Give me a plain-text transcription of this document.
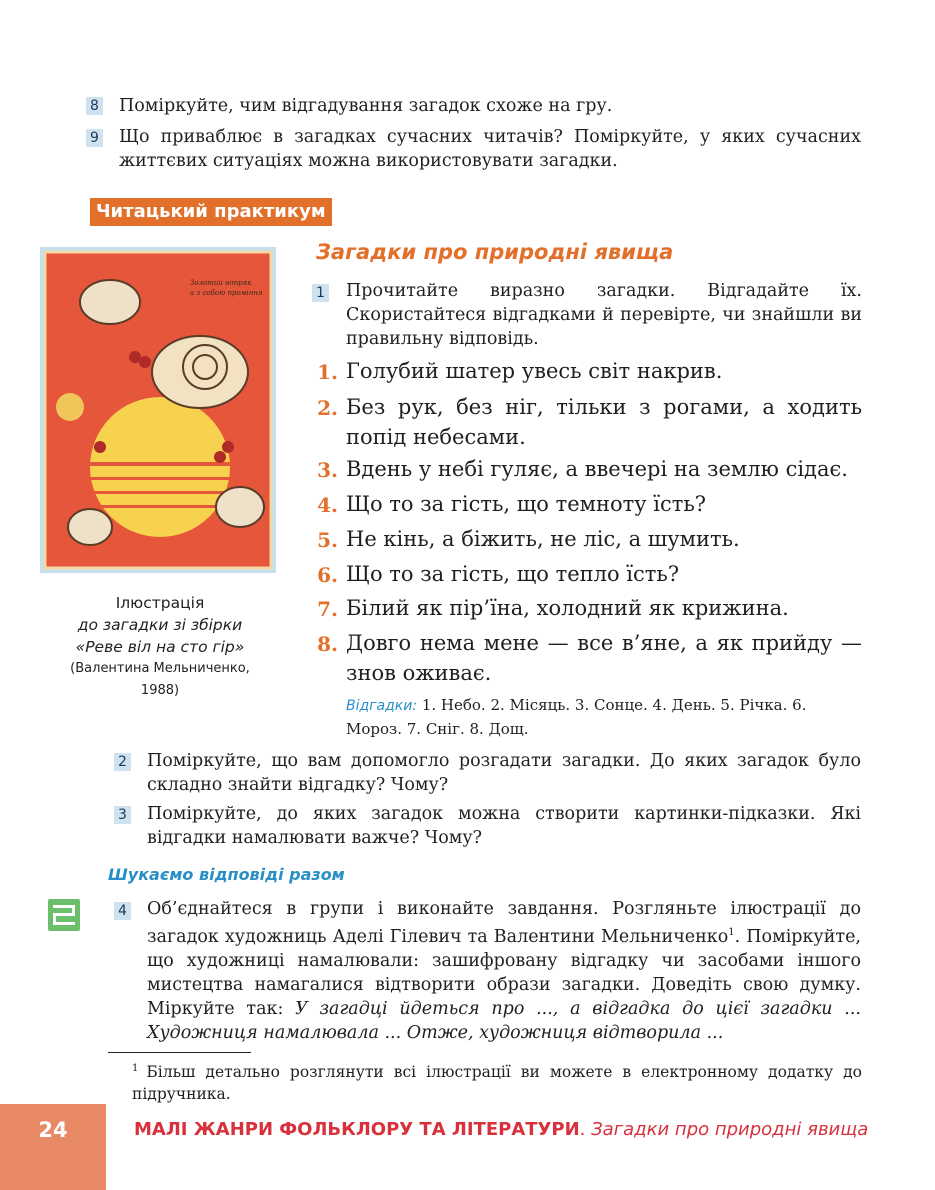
8 Поміркуйте, чим відгадування загадок схоже на гру.
9 Що приваблює в загадках сучасних читачів? Поміркуйте, у яких сучасних життєвих ситуаціях можна використовувати загадки.
Читацький практикум
Золотий вітряк
а з собою проміння
Ілюстрація
до загадки зі збірки
«Реве віл на сто гір»
(Валентина Мельниченко,
1988)
Загадки про природні явища
1 Прочитайте виразно загадки. Відгадайте їх. Скористайтеся відгадками й перевірте, чи знайшли ви правильну відповідь.
1. Голубий шатер увесь світ накрив.
2. Без рук, без ніг, тільки з рогами, а ходить попід небесами.
3. Вдень у небі гуляє, а ввечері на землю сідає.
4. Що то за гість, що темноту їсть?
5. Не кінь, а біжить, не ліс, а шумить.
6. Що то за гість, що тепло їсть?
7. Білий як пір’їна, холодний як крижина.
8. Довго нема мене — все в’яне, а як прийду — знов оживає.
Відгадки: 1. Небо. 2. Місяць. 3. Сонце. 4. День. 5. Річка. 6. Мороз. 7. Сніг. 8. Дощ.
2 Поміркуйте, що вам допомогло розгадати загадки. До яких загадок було складно знайти відгадку? Чому?
3 Поміркуйте, до яких загадок можна створити картинки-підказки. Які відгадки намалювати важче? Чому?
Шукаємо відповіді разом
4 Об’єднайтеся в групи і виконайте завдання. Розгляньте ілюстрації до загадок художниць Аделі Гілевич та Валентини Мельниченко$^1$. Поміркуйте, що художниці намалювали: зашифровану відгадку чи засобами іншого мистецтва намагалися відтворити образи загадки. Доведіть свою думку. Міркуйте так: У загадці йдеться про ..., а відгадка до цієї загадки ... Художниця намалювала ... Отже, художниця відтворила ...
$^1$ Більш детально розглянути всі ілюстрації ви можете в електронному додатку до підручника.
24	МАЛІ ЖАНРИ ФОЛЬКЛОРУ ТА ЛІТЕРАТУРИ. Загадки про природні явища
